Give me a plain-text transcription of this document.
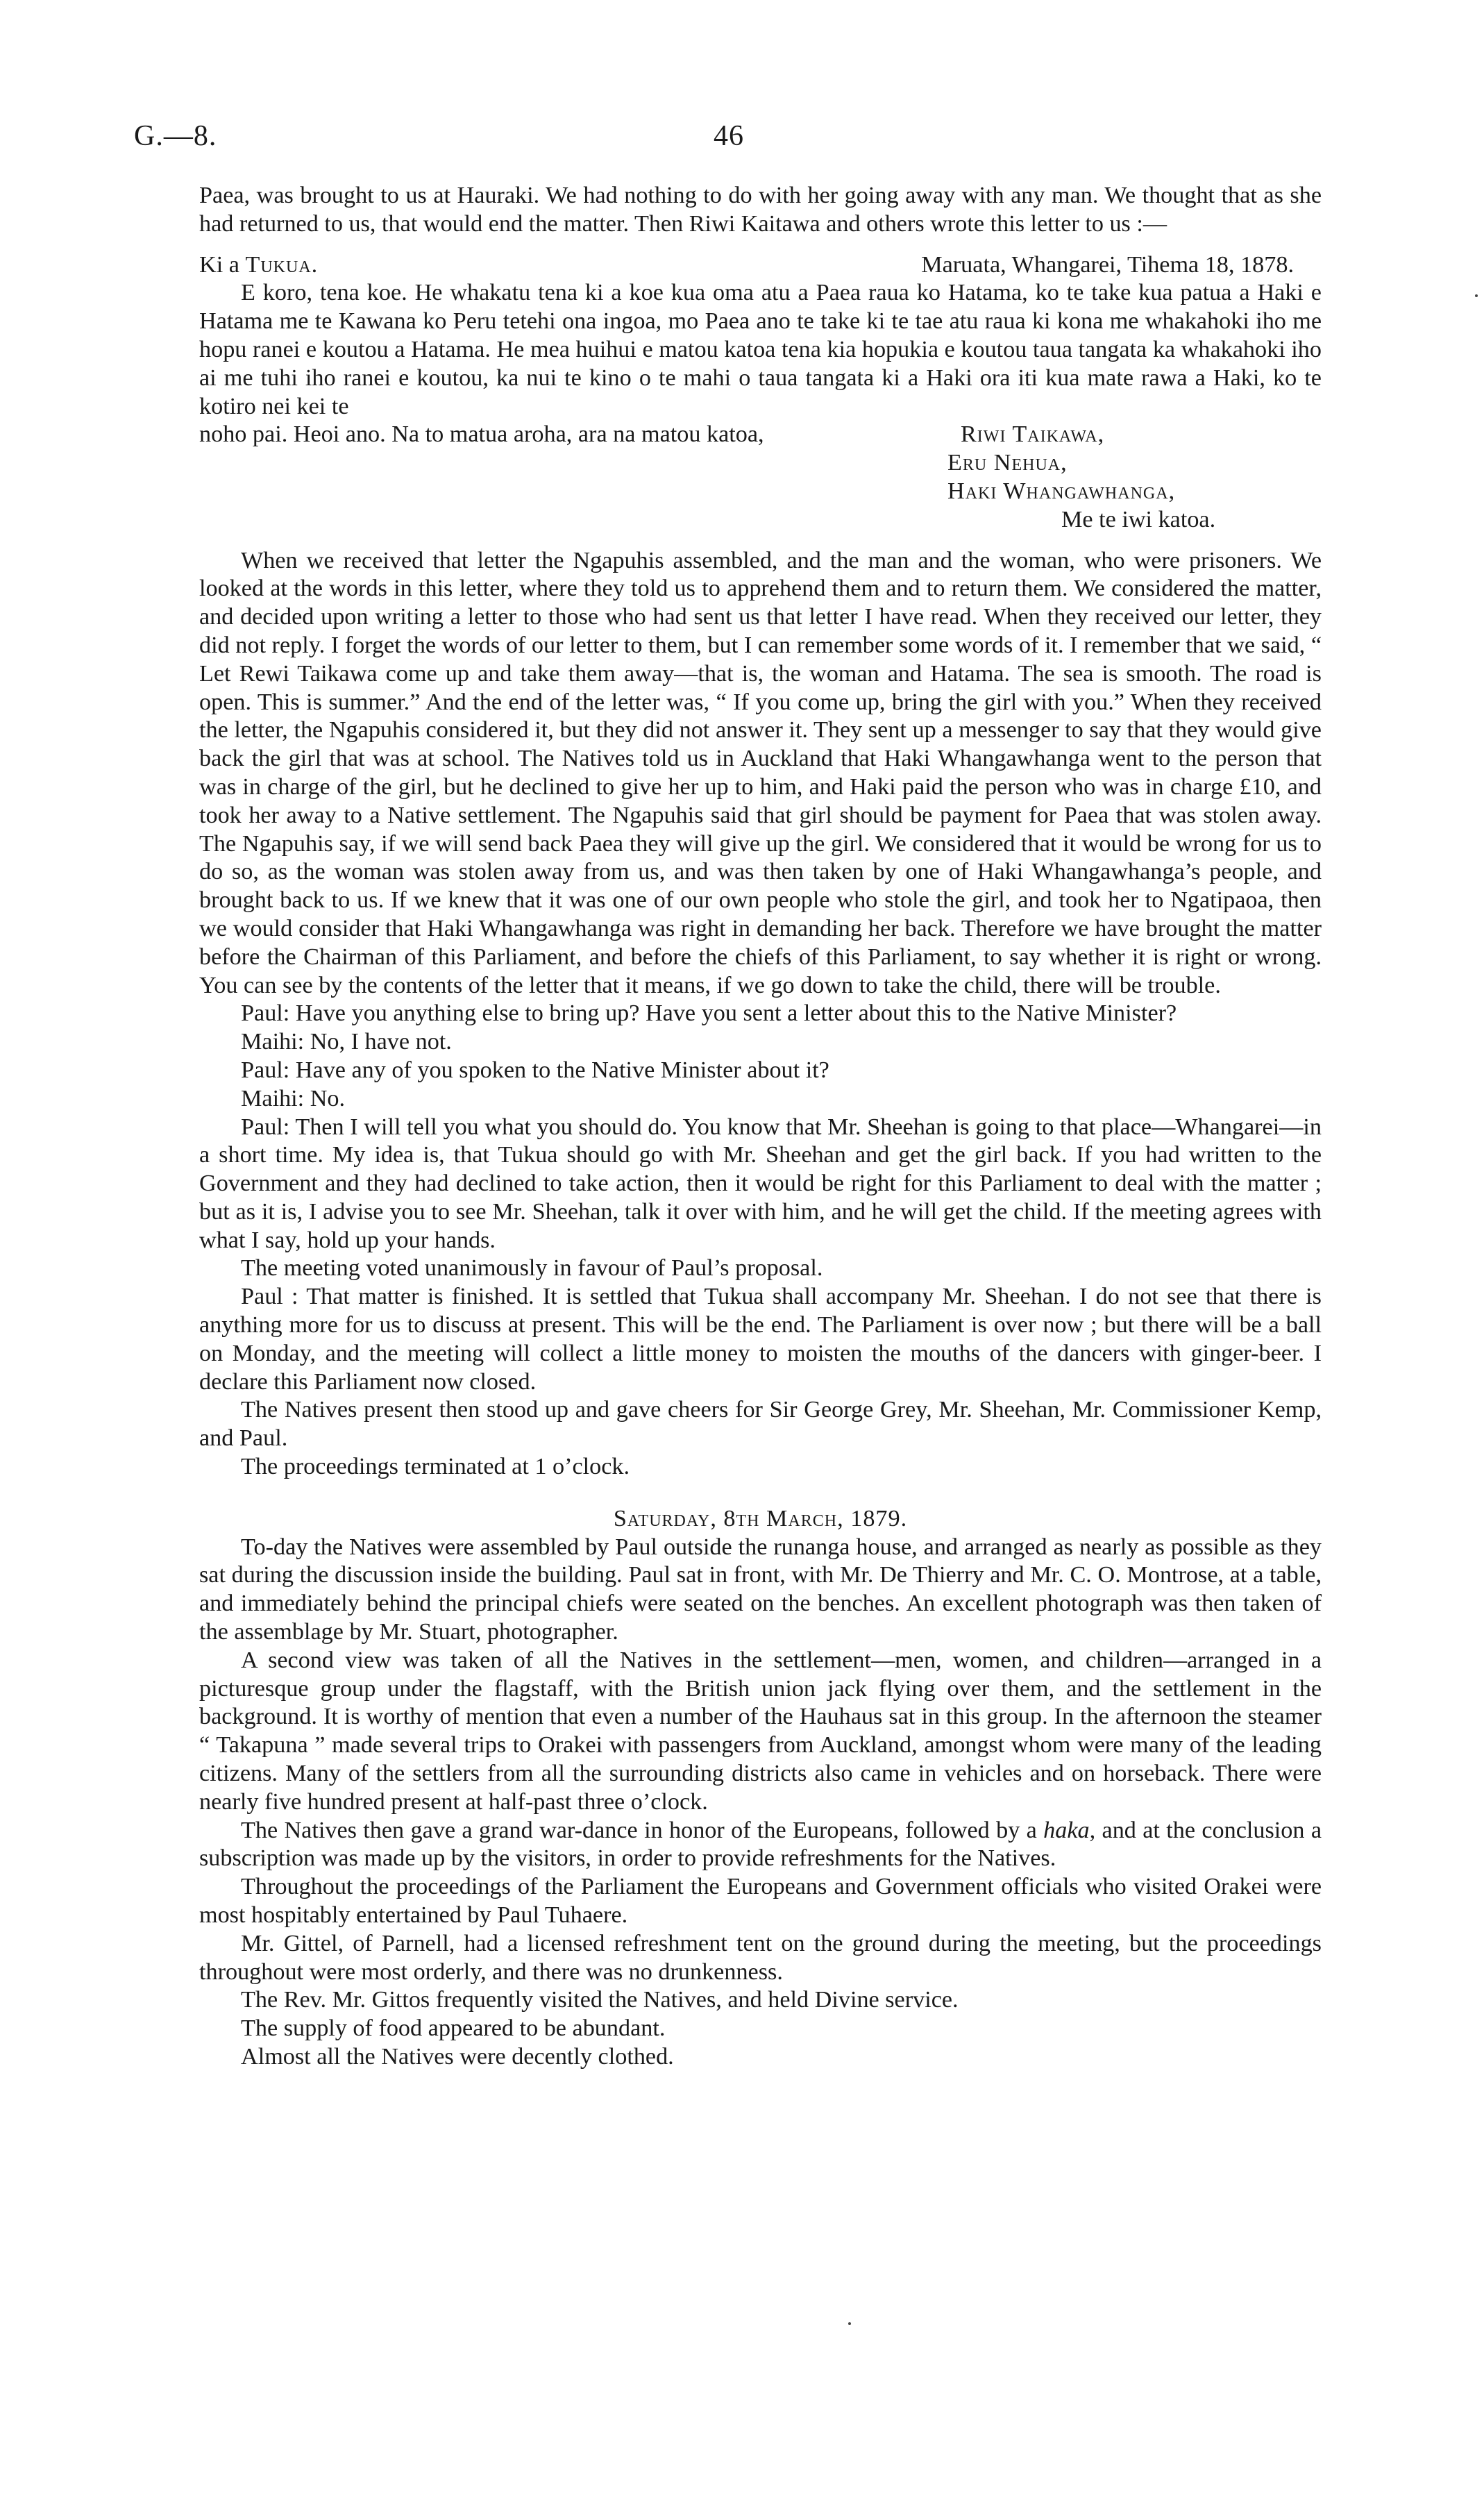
G.—8.	46

Paea, was brought to us at Hauraki. We had nothing to do with her going away with any man. We thought that as she had returned to us, that would end the matter. Then Riwi Kaitawa and others wrote this letter to us :—

Ki a Tukua.	Maruata, Whangarei, Tihema 18, 1878.

E koro, tena koe. He whakatu tena ki a koe kua oma atu a Paea raua ko Hatama, ko te take kua patua a Haki e Hatama me te Kawana ko Peru tetehi ona ingoa, mo Paea ano te take ki te tae atu raua ki kona me whakahoki iho me hopu ranei e koutou a Hatama. He mea huihui e matou katoa tena kia hopukia e koutou taua tangata ka whakahoki iho ai me tuhi iho ranei e koutou, ka nui te kino o te mahi o taua tangata ki a Haki ora iti kua mate rawa a Haki, ko te kotiro nei kei te

noho pai. Heoi ano. Na to matua aroha, ara na matou katoa,	Riwi Taikawa,
Eru Nehua,
Haki Whangawhanga,
Me te iwi katoa.

When we received that letter the Ngapuhis assembled, and the man and the woman, who were prisoners. We looked at the words in this letter, where they told us to apprehend them and to return them. We considered the matter, and decided upon writing a letter to those who had sent us that letter I have read. When they received our letter, they did not reply. I forget the words of our letter to them, but I can remember some words of it. I remember that we said, “ Let Rewi Taikawa come up and take them away—that is, the woman and Hatama. The sea is smooth. The road is open. This is summer.” And the end of the letter was, “ If you come up, bring the girl with you.” When they received the letter, the Ngapuhis considered it, but they did not answer it. They sent up a messenger to say that they would give back the girl that was at school. The Natives told us in Auckland that Haki Whangawhanga went to the person that was in charge of the girl, but he declined to give her up to him, and Haki paid the person who was in charge £10, and took her away to a Native settlement. The Ngapuhis said that girl should be payment for Paea that was stolen away. The Ngapuhis say, if we will send back Paea they will give up the girl. We considered that it would be wrong for us to do so, as the woman was stolen away from us, and was then taken by one of Haki Whangawhanga’s people, and brought back to us. If we knew that it was one of our own people who stole the girl, and took her to Ngatipaoa, then we would consider that Haki Whangawhanga was right in demanding her back. Therefore we have brought the matter before the Chairman of this Parliament, and before the chiefs of this Parliament, to say whether it is right or wrong. You can see by the contents of the letter that it means, if we go down to take the child, there will be trouble.

Paul: Have you anything else to bring up? Have you sent a letter about this to the Native Minister?

Maihi: No, I have not.

Paul: Have any of you spoken to the Native Minister about it?

Maihi: No.

Paul: Then I will tell you what you should do. You know that Mr. Sheehan is going to that place—Whangarei—in a short time. My idea is, that Tukua should go with Mr. Sheehan and get the girl back. If you had written to the Government and they had declined to take action, then it would be right for this Parliament to deal with the matter ; but as it is, I advise you to see Mr. Sheehan, talk it over with him, and he will get the child. If the meeting agrees with what I say, hold up your hands.

The meeting voted unanimously in favour of Paul’s proposal.

Paul : That matter is finished. It is settled that Tukua shall accompany Mr. Sheehan. I do not see that there is anything more for us to discuss at present. This will be the end. The Parliament is over now ; but there will be a ball on Monday, and the meeting will collect a little money to moisten the mouths of the dancers with ginger-beer. I declare this Parliament now closed.

The Natives present then stood up and gave cheers for Sir George Grey, Mr. Sheehan, Mr. Commissioner Kemp, and Paul.

The proceedings terminated at 1 o’clock.

Saturday, 8th March, 1879.

To-day the Natives were assembled by Paul outside the runanga house, and arranged as nearly as possible as they sat during the discussion inside the building. Paul sat in front, with Mr. De Thierry and Mr. C. O. Montrose, at a table, and immediately behind the principal chiefs were seated on the benches. An excellent photograph was then taken of the assemblage by Mr. Stuart, photographer.

A second view was taken of all the Natives in the settlement—men, women, and children—arranged in a picturesque group under the flagstaff, with the British union jack flying over them, and the settlement in the background. It is worthy of mention that even a number of the Hauhaus sat in this group. In the afternoon the steamer “ Takapuna ” made several trips to Orakei with passengers from Auckland, amongst whom were many of the leading citizens. Many of the settlers from all the surrounding districts also came in vehicles and on horseback. There were nearly five hundred present at half-past three o’clock.

The Natives then gave a grand war-dance in honor of the Europeans, followed by a haka, and at the conclusion a subscription was made up by the visitors, in order to provide refreshments for the Natives.

Throughout the proceedings of the Parliament the Europeans and Government officials who visited Orakei were most hospitably entertained by Paul Tuhaere.

Mr. Gittel, of Parnell, had a licensed refreshment tent on the ground during the meeting, but the proceedings throughout were most orderly, and there was no drunkenness.

The Rev. Mr. Gittos frequently visited the Natives, and held Divine service.

The supply of food appeared to be abundant.

Almost all the Natives were decently clothed.
